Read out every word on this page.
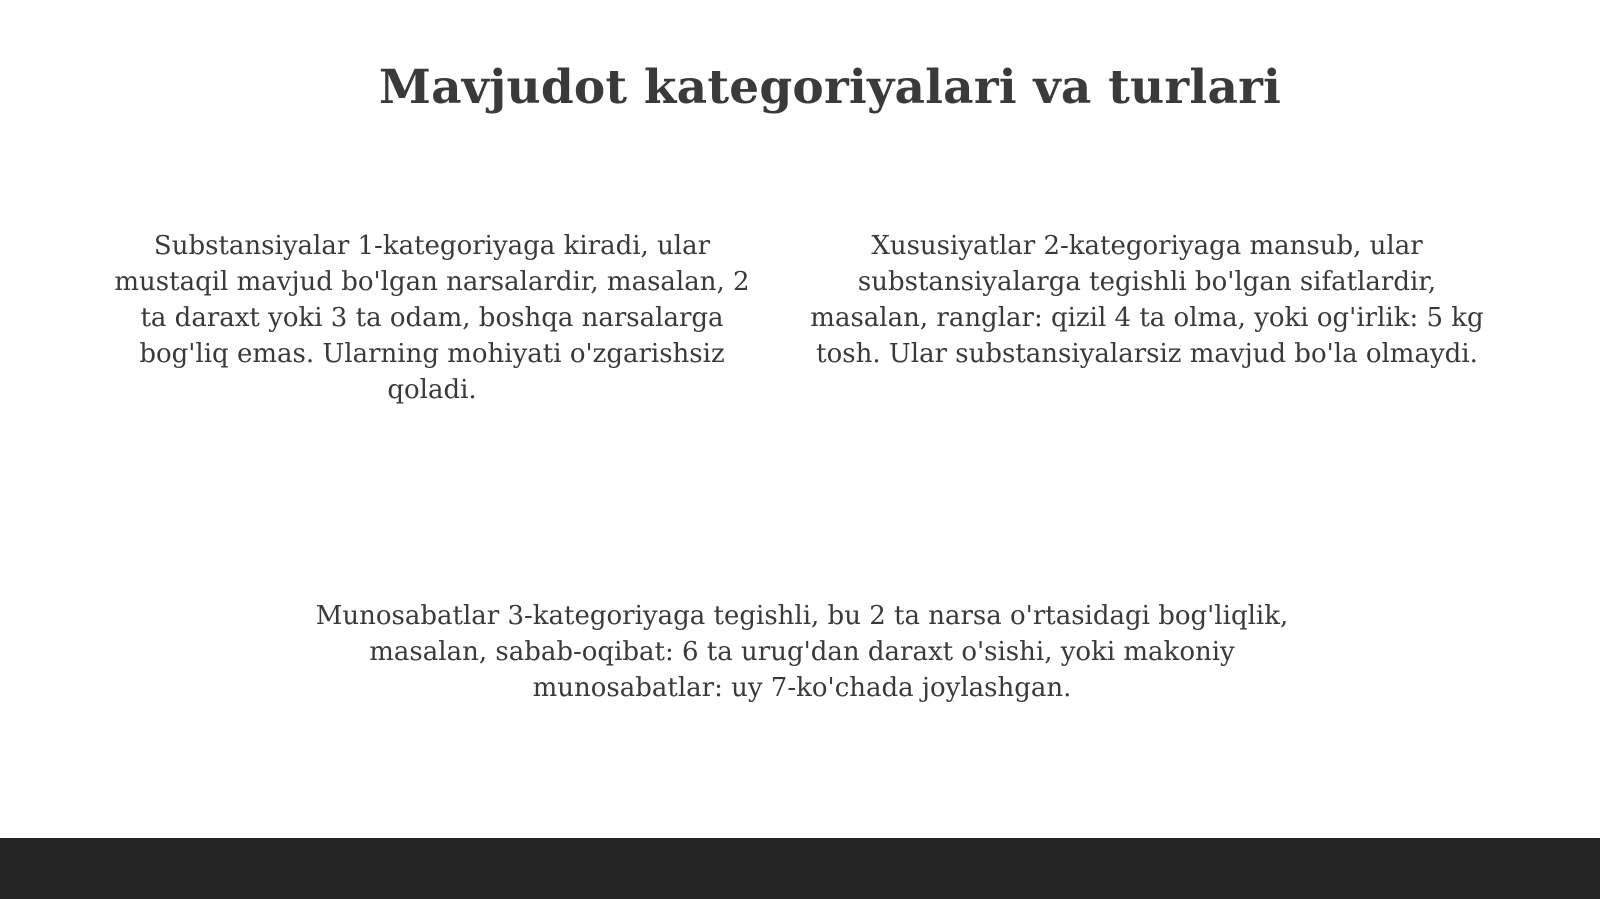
Mavjudot kategoriyalari va turlari

Substansiyalar 1-kategoriyaga kiradi, ular mustaqil mavjud bo'lgan narsalardir, masalan, 2 ta daraxt yoki 3 ta odam, boshqa narsalarga bog'liq emas. Ularning mohiyati o'zgarishsiz qoladi.

Xususiyatlar 2-kategoriyaga mansub, ular substansiyalarga tegishli bo'lgan sifatlardir, masalan, ranglar: qizil 4 ta olma, yoki og'irlik: 5 kg tosh. Ular substansiyalarsiz mavjud bo'la olmaydi.

Munosabatlar 3-kategoriyaga tegishli, bu 2 ta narsa o'rtasidagi bog'liqlik, masalan, sabab-oqibat: 6 ta urug'dan daraxt o'sishi, yoki makoniy munosabatlar: uy 7-ko'chada joylashgan.
